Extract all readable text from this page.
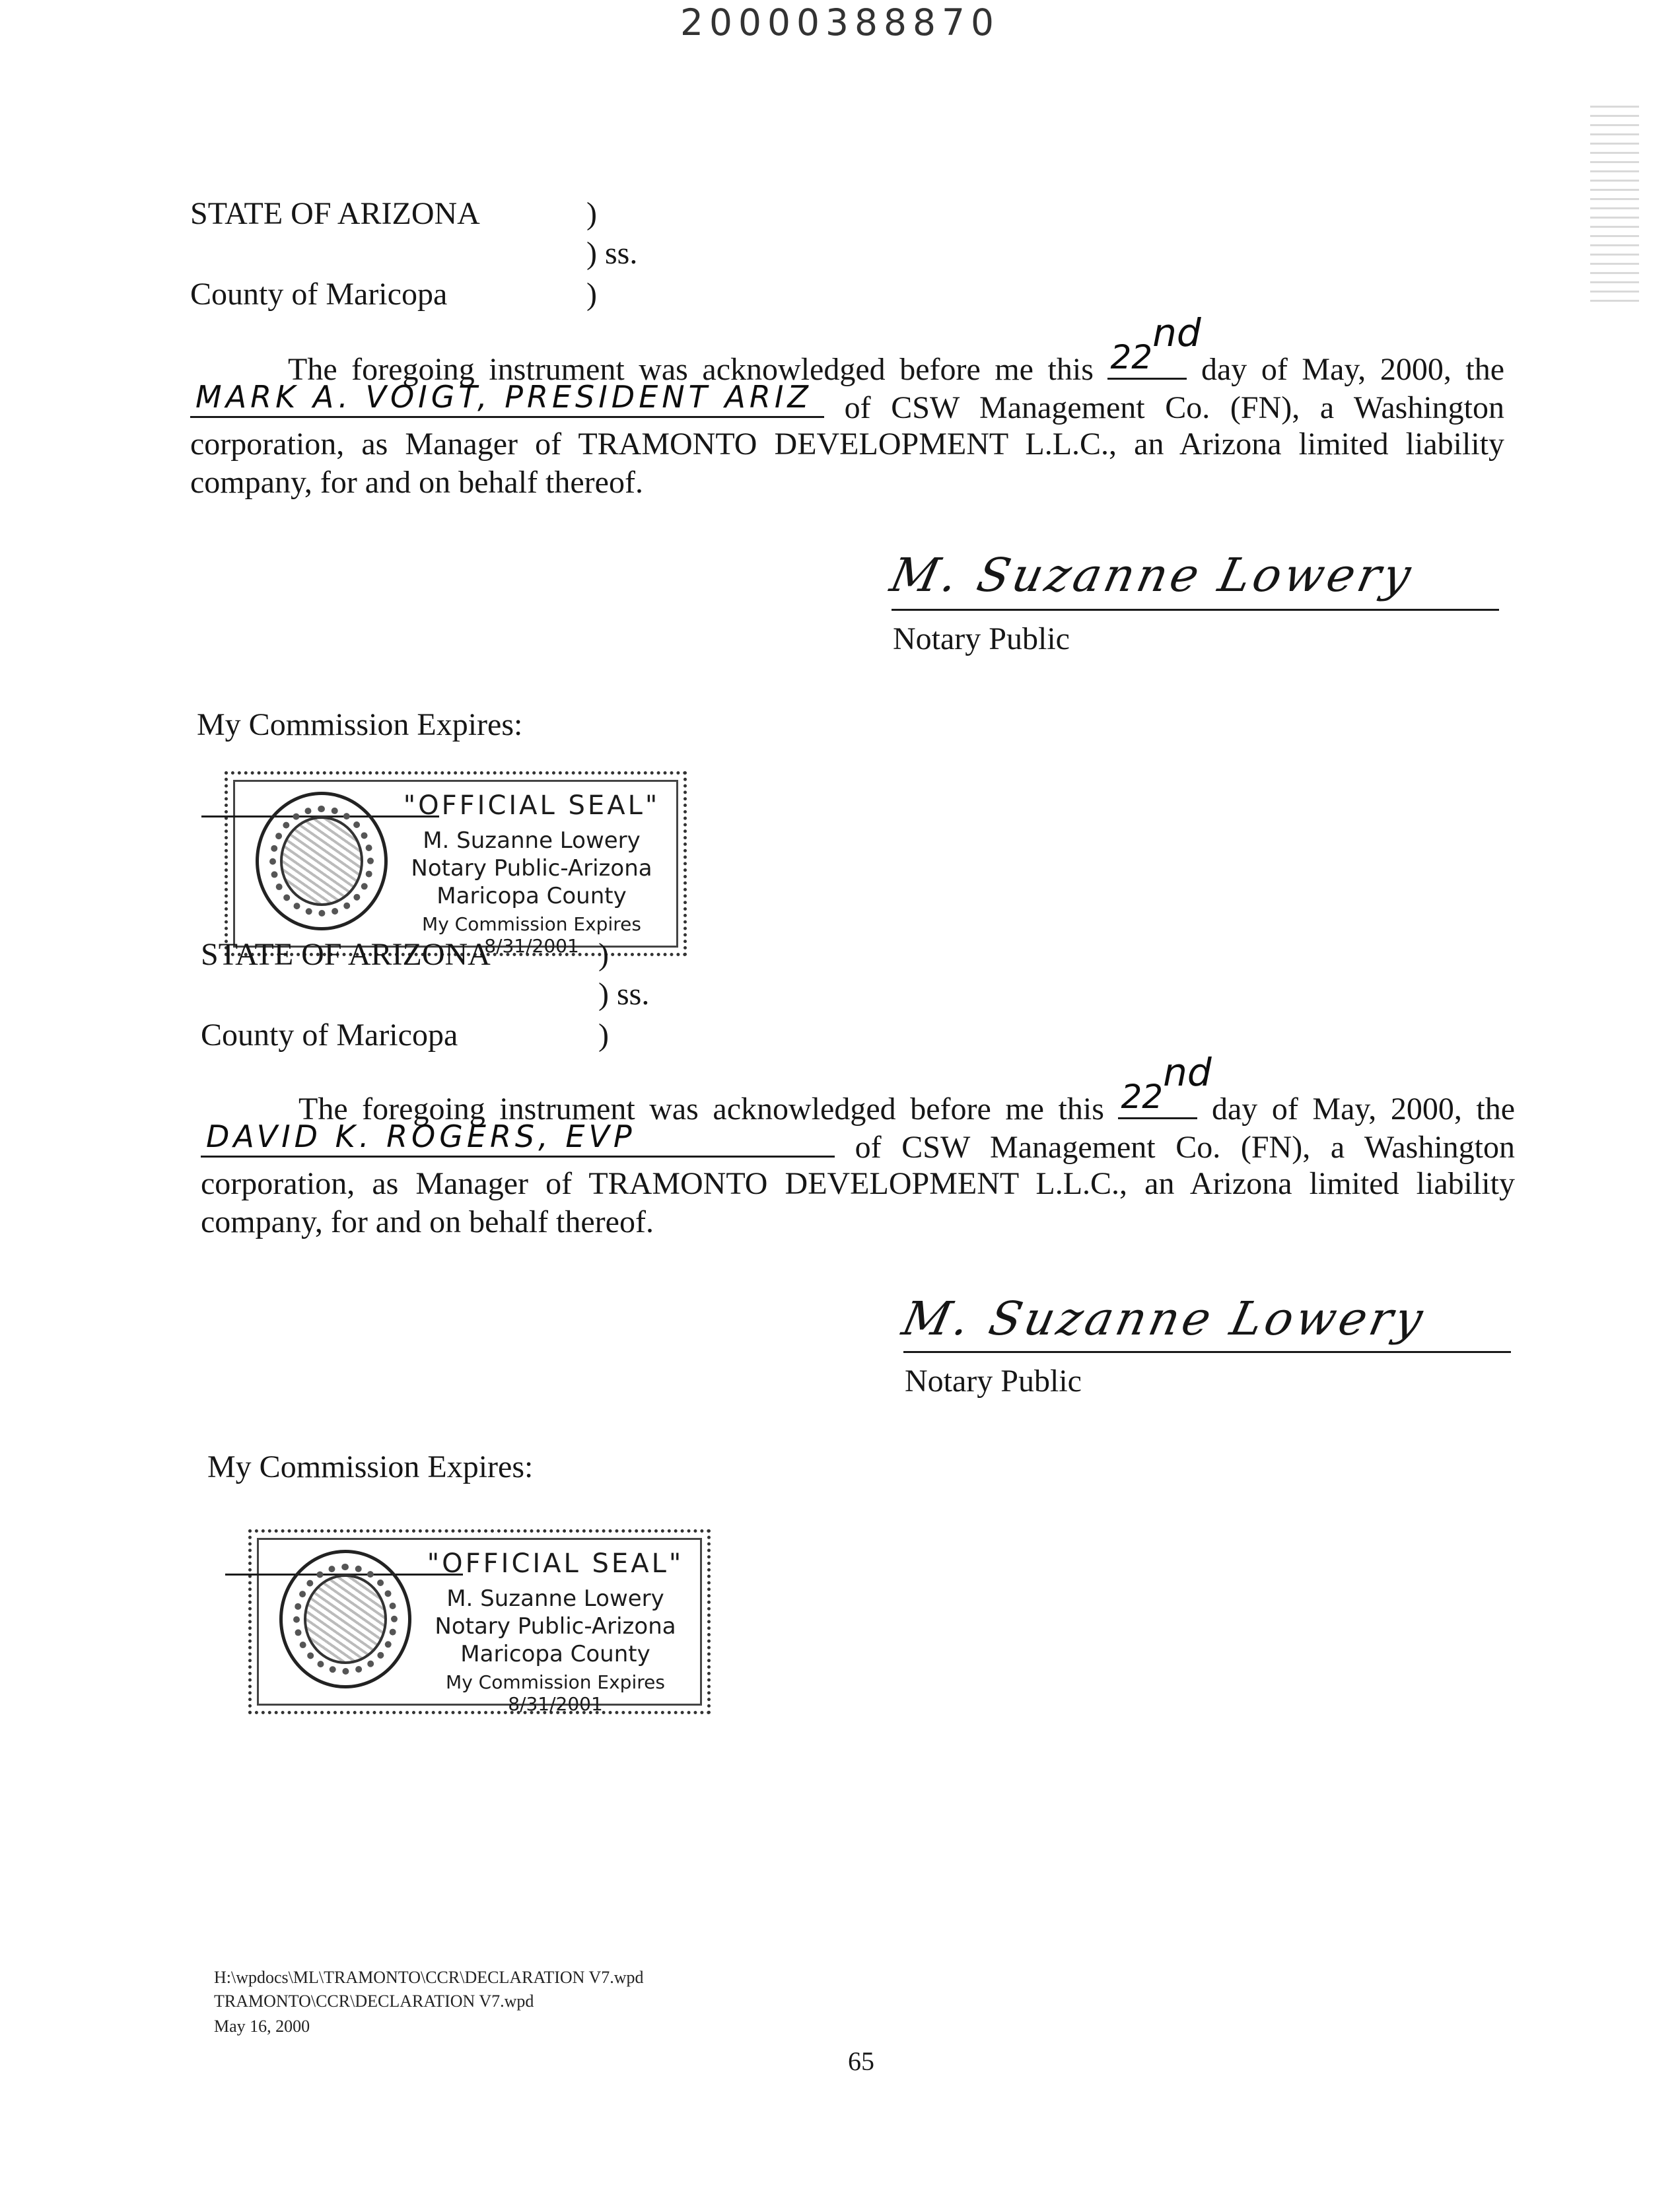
20000388870
STATE OF ARIZONA	)
) ss.
County of Maricopa	)
The foregoing instrument was acknowledged before me this 22nd
day of May, 2000, the
MARK A. VOIGT, PRESIDENT ARIZ of CSW Management Co. (FN), a Washington
corporation, as Manager of TRAMONTO DEVELOPMENT L.L.C., an Arizona limited liability
company, for and on behalf thereof.
M. Suzanne Lowery
Notary Public
My Commission Expires:
"OFFICIAL SEAL"
M. Suzanne Lowery
Notary Public-Arizona
Maricopa County
My Commission Expires 8/31/2001
STATE OF ARIZONA	)
) ss.
County of Maricopa	)
The foregoing instrument was acknowledged before me this 22nd
day of May, 2000, the
DAVID K. ROGERS, EVP	of CSW Management Co. (FN), a Washington
corporation, as Manager of TRAMONTO DEVELOPMENT L.L.C., an Arizona limited liability
company, for and on behalf thereof.
M. Suzanne Lowery
Notary Public
My Commission Expires:
"OFFICIAL SEAL"
M. Suzanne Lowery
Notary Public-Arizona
Maricopa County
My Commission Expires 8/31/2001
H:\wpdocs\ML\TRAMONTO\CCR\DECLARATION V7.wpd
TRAMONTO\CCR\DECLARATION V7.wpd
May 16, 2000
65
